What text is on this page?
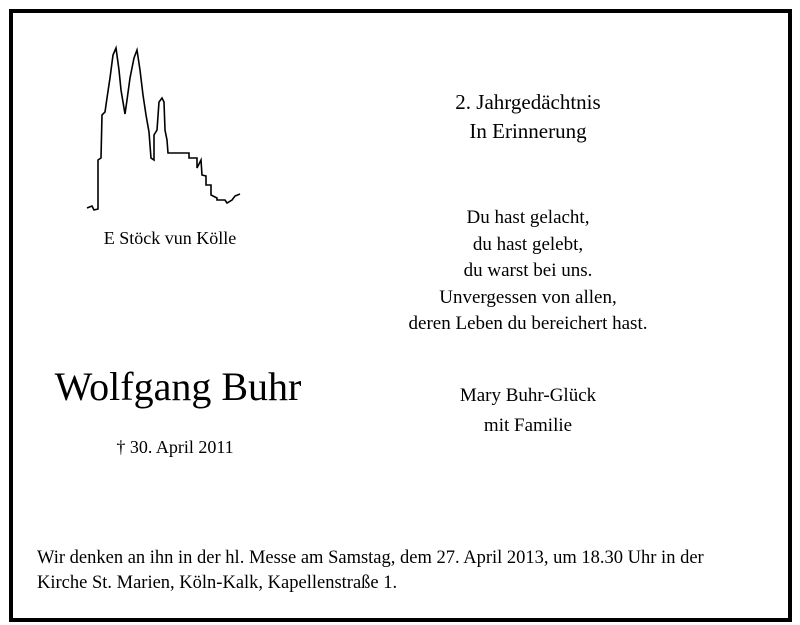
E Stöck vun Kölle
2. Jahrgedächtnis
In Erinnerung
Du hast gelacht,
du hast gelebt,
du warst bei uns.
Unvergessen von allen,
deren Leben du bereichert hast.
Wolfgang Buhr
† 30. April 2011
Mary Buhr-Glück
mit Familie
Wir denken an ihn in der hl. Messe am Samstag, dem 27. April 2013, um 18.30 Uhr in der
Kirche St. Marien, Köln-Kalk, Kapellenstraße 1.
